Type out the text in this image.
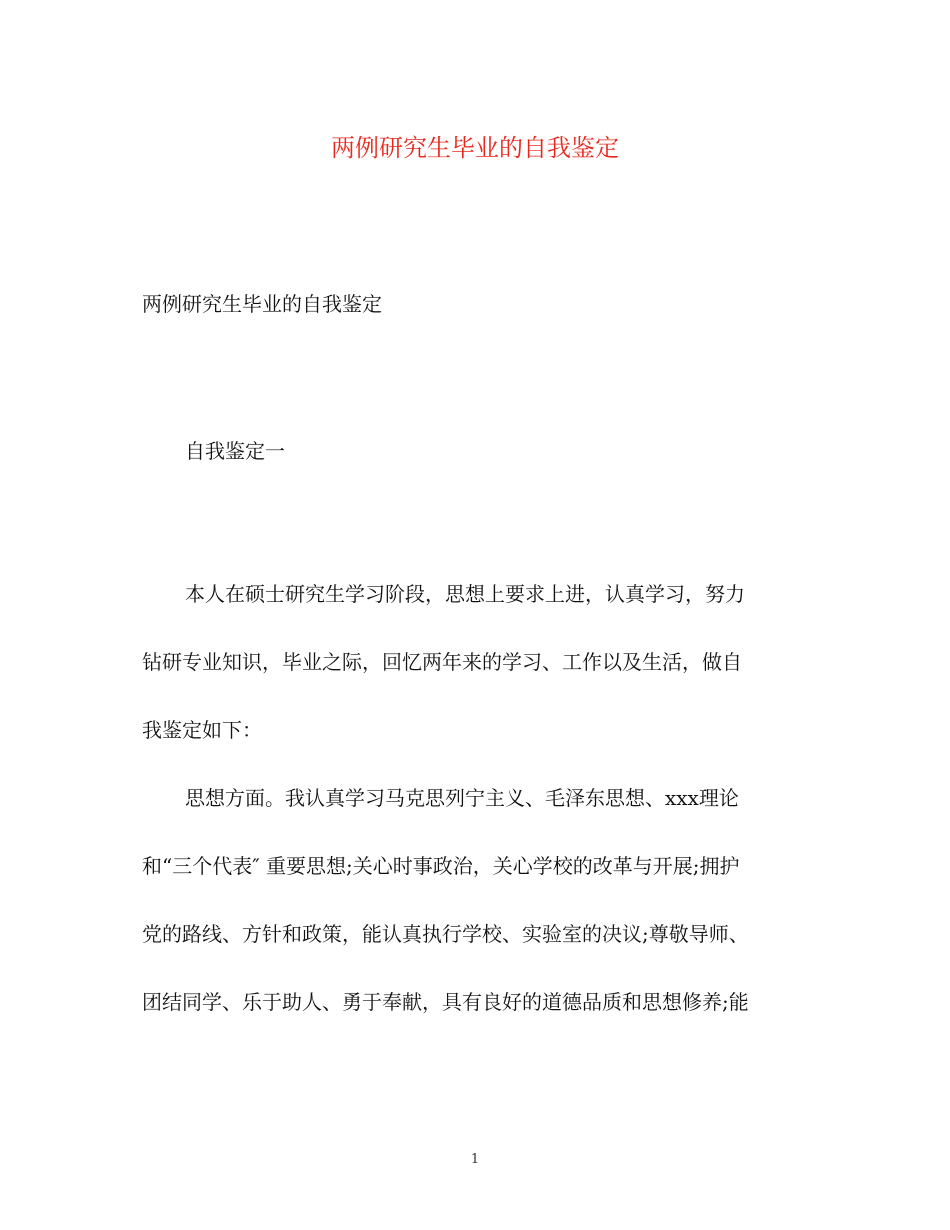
两例研究生毕业的自我鉴定

两例研究生毕业的自我鉴定

自我鉴定一

本人在硕士研究生学习阶段，思想上要求上进，认真学习，努力
钻研专业知识，毕业之际，回忆两年来的学习、工作以及生活，做自
我鉴定如下：
思想方面。我认真学习马克思列宁主义、毛泽东思想、xxx理论
和“三个代表″ 重要思想;关心时事政治，关心学校的改革与开展;拥护
党的路线、方针和政策，能认真执行学校、实验室的决议;尊敬导师、
团结同学、乐于助人、勇于奉献，具有良好的道德品质和思想修养;能
1
